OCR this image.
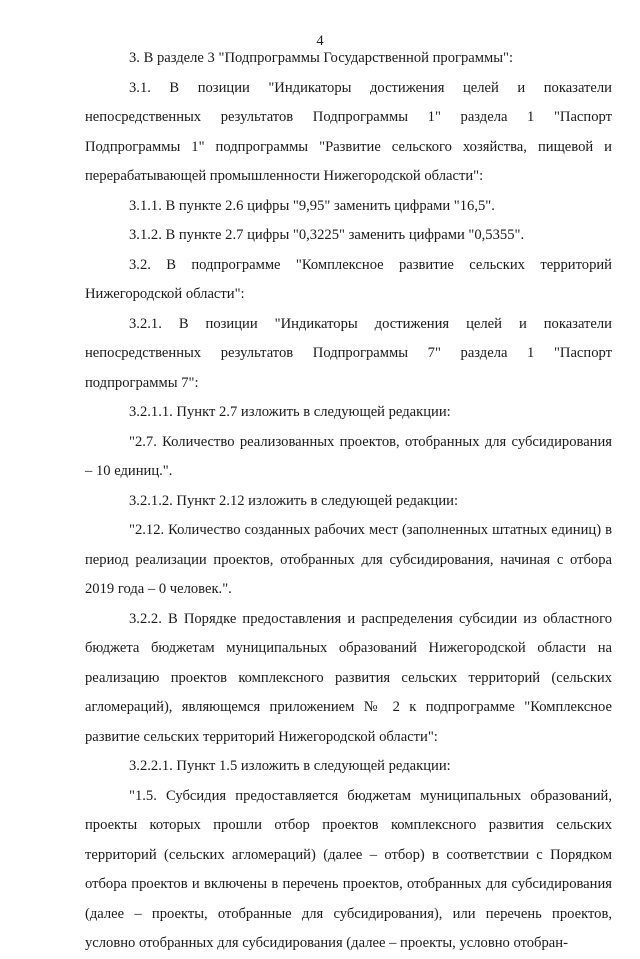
4

3. В разделе 3 "Подпрограммы Государственной программы":

3.1. В позиции "Индикаторы достижения целей и показатели непосредственных результатов Подпрограммы 1" раздела 1 "Паспорт Подпрограммы 1" подпрограммы "Развитие сельского хозяйства, пищевой и перерабатывающей промышленности Нижегородской области":

3.1.1. В пункте 2.6 цифры "9,95" заменить цифрами "16,5".

3.1.2. В пункте 2.7 цифры "0,3225" заменить цифрами "0,5355".

3.2. В подпрограмме "Комплексное развитие сельских территорий Нижегородской области":

3.2.1. В позиции "Индикаторы достижения целей и показатели непосредственных результатов Подпрограммы 7" раздела 1 "Паспорт подпрограммы 7":

3.2.1.1. Пункт 2.7 изложить в следующей редакции:

"2.7. Количество реализованных проектов, отобранных для субсидирования – 10 единиц.".

3.2.1.2. Пункт 2.12 изложить в следующей редакции:

"2.12. Количество созданных рабочих мест (заполненных штатных единиц) в период реализации проектов, отобранных для субсидирования, начиная с отбора 2019 года – 0 человек.".

3.2.2. В Порядке предоставления и распределения субсидии из областного бюджета бюджетам муниципальных образований Нижегородской области на реализацию проектов комплексного развития сельских территорий (сельских агломераций), являющемся приложением № 2 к подпрограмме "Комплексное развитие сельских территорий Нижегородской области":

3.2.2.1. Пункт 1.5 изложить в следующей редакции:

"1.5. Субсидия предоставляется бюджетам муниципальных образований, проекты которых прошли отбор проектов комплексного развития сельских территорий (сельских агломераций) (далее – отбор) в соответствии с Порядком отбора проектов и включены в перечень проектов, отобранных для субсидирования (далее – проекты, отобранные для субсидирования), или перечень проектов, условно отобранных для субсидирования (далее – проекты, условно отобран-
